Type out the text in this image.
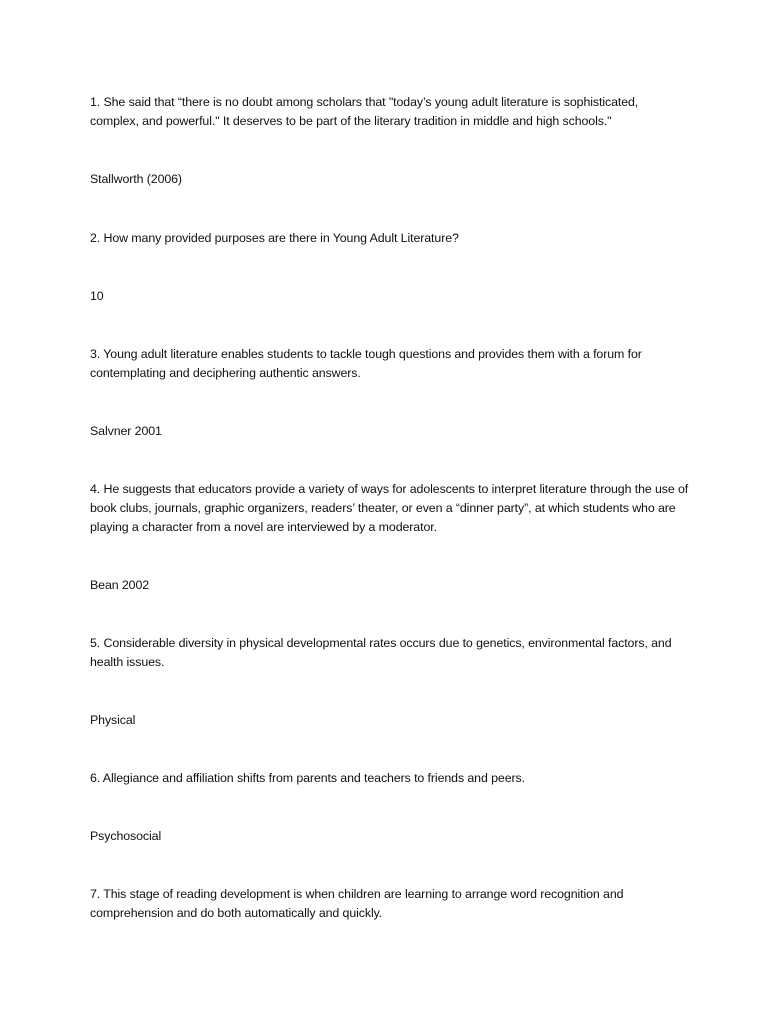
1. She said that “there is no doubt among scholars that "today’s young adult literature is sophisticated, complex, and powerful." It deserves to be part of the literary tradition in middle and high schools."

Stallworth (2006)

2. How many provided purposes are there in Young Adult Literature?

10

3. Young adult literature enables students to tackle tough questions and provides them with a forum for contemplating and deciphering authentic answers.

Salvner 2001

4. He suggests that educators provide a variety of ways for adolescents to interpret literature through the use of book clubs, journals, graphic organizers, readers’ theater, or even a “dinner party”, at which students who are playing a character from a novel are interviewed by a moderator.

Bean 2002

5. Considerable diversity in physical developmental rates occurs due to genetics, environmental factors, and health issues.

Physical

6. Allegiance and affiliation shifts from parents and teachers to friends and peers.

Psychosocial

7. This stage of reading development is when children are learning to arrange word recognition and comprehension and do both automatically and quickly.
